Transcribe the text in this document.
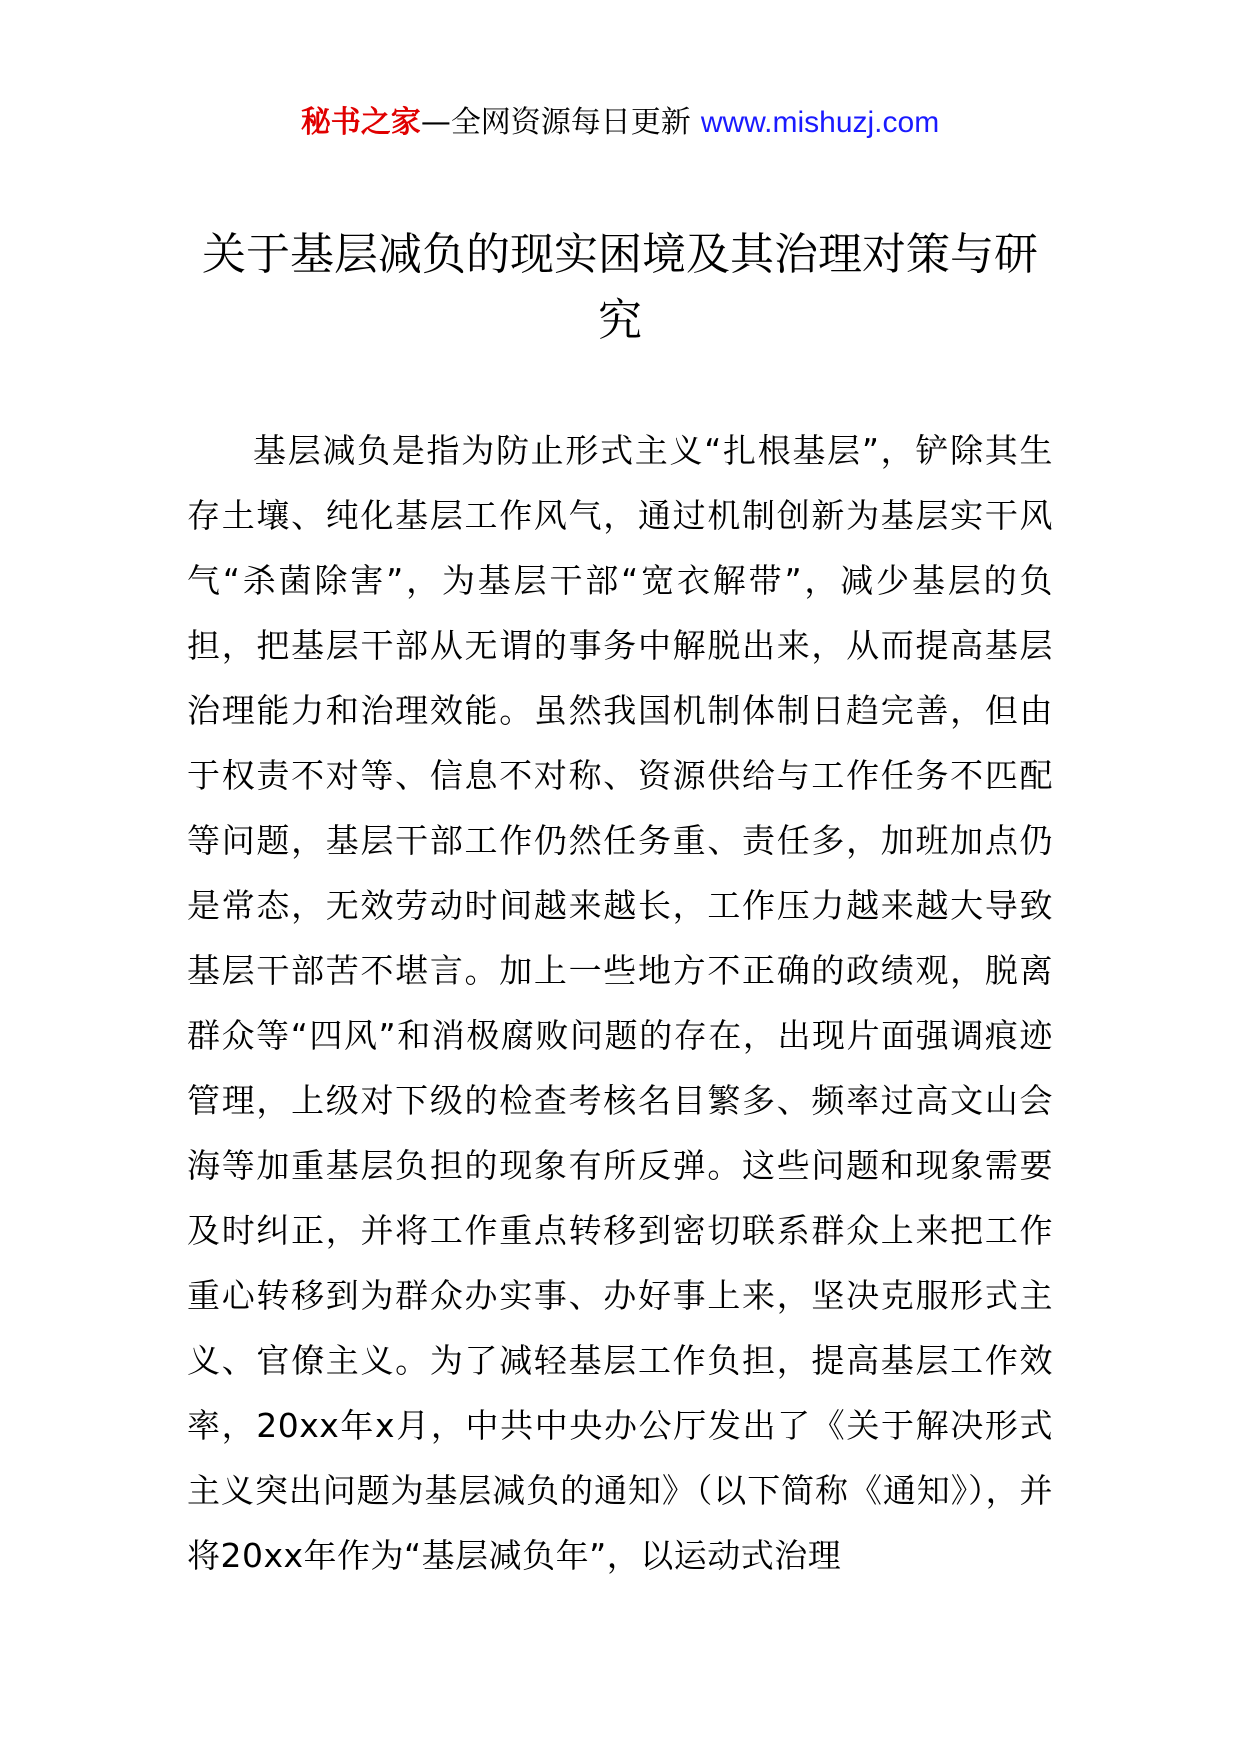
秘书之家—全网资源每日更新 www.mishuzj.com
关于基层减负的现实困境及其治理对策与研究

基层减负是指为防止形式主义“扎根基层”，铲除其生存土壤、纯化基层工作风气，通过机制创新为基层实干风气“杀菌除害”，为基层干部“宽衣解带”，减少基层的负担，把基层干部从无谓的事务中解脱出来，从而提高基层治理能力和治理效能。虽然我国机制体制日趋完善，但由于权责不对等、信息不对称、资源供给与工作任务不匹配等问题，基层干部工作仍然任务重、责任多，加班加点仍是常态，无效劳动时间越来越长，工作压力越来越大导致基层干部苦不堪言。加上一些地方不正确的政绩观，脱离群众等“四风”和消极腐败问题的存在，出现片面强调痕迹管理，上级对下级的检查考核名目繁多、频率过高文山会海等加重基层负担的现象有所反弹。这些问题和现象需要及时纠正，并将工作重点转移到密切联系群众上来把工作重心转移到为群众办实事、办好事上来，坚决克服形式主义、官僚主义。为了减轻基层工作负担，提高基层工作效率，20xx年x月，中共中央办公厅发出了《关于解决形式主义突出问题为基层减负的通知》（以下简称《通知》），并将20xx年作为“基层减负年”，以运动式治理
